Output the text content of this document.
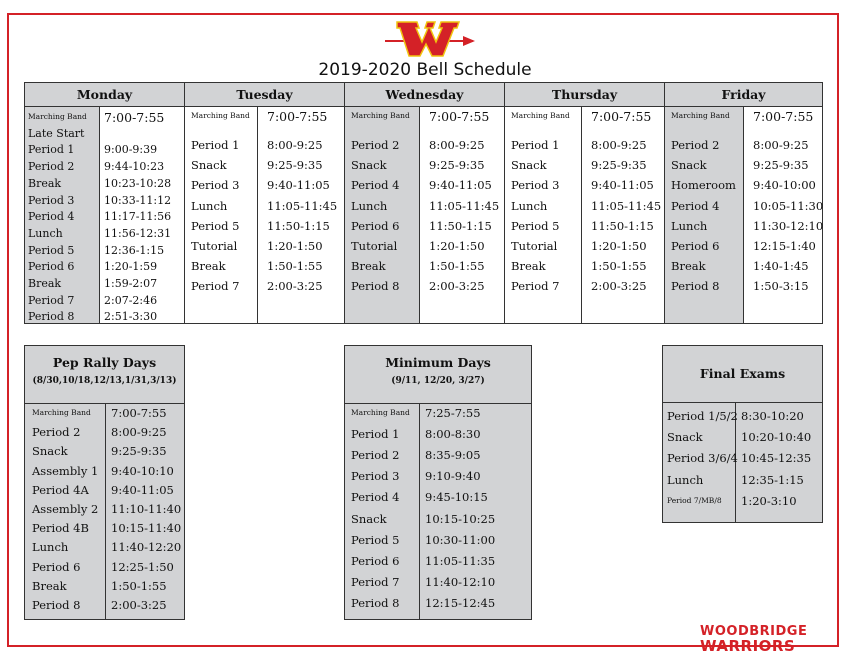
2019-2020 Bell Schedule
Monday
Marching Band 7:00-7:55
Late Start
Period 1	9:00-9:39
Period 2	9:44-10:23
Break	10:23-10:28
Period 3	10:33-11:12
Period 4	11:17-11:56
Lunch	11:56-12:31
Period 5	12:36-1:15
Period 6	1:20-1:59
Break	1:59-2:07
Period 7	2:07-2:46
Period 8	2:51-3:30
Tuesday
Marching Band 7:00-7:55
Period 1 8:00-9:25
Snack	9:25-9:35
Period 3 9:40-11:05
Lunch	11:05-11:45
Period 5 11:50-1:15
Tutorial	1:20-1:50
Break	1:50-1:55
Period 7 2:00-3:25
Wednesday
Marching Band 7:00-7:55
Period 2	8:00-9:25
Snack	9:25-9:35
Period 4	9:40-11:05
Lunch	11:05-11:45
Period 6	11:50-1:15
Tutorial	1:20-1:50
Break	1:50-1:55
Period 8	2:00-3:25
Thursday
Marching Band 7:00-7:55
Period 1	8:00-9:25
Snack	9:25-9:35
Period 3	9:40-11:05
Lunch	11:05-11:45
Period 5	11:50-1:15
Tutorial	1:20-1:50
Break	1:50-1:55
Period 7	2:00-3:25
Friday
Marching Band 7:00-7:55
Period 2	8:00-9:25
Snack	9:25-9:35
Homeroom 9:40-10:00
Period 4	10:05-11:30
Lunch	11:30-12:10
Period 6	12:15-1:40
Break	1:40-1:45
Period 8	1:50-3:15
Pep Rally Days
(8/30,10/18,12/13,1/31,3/13)
Marching Band 7:00-7:55
Period 2	8:00-9:25
Snack	9:25-9:35
Assembly 1 9:40-10:10
Period 4A 9:40-11:05
Assembly 2 11:10-11:40
Period 4B 10:15-11:40
Lunch	11:40-12:20
Period 6	12:25-1:50
Break	1:50-1:55
Period 8	2:00-3:25
Minimum Days
(9/11, 12/20, 3/27)
Marching Band 7:25-7:55
Period 1 8:00-8:30
Period 2 8:35-9:05
Period 3 9:10-9:40
Period 4 9:45-10:15
Snack	10:15-10:25
Period 5 10:30-11:00
Period 6 11:05-11:35
Period 7 11:40-12:10
Period 8 12:15-12:45
Final Exams
Period 1/5/2 8:30-10:20
Snack	10:20-10:40
Period 3/6/4 10:45-12:35
Lunch	12:35-1:15
Period 7/MB/8 1:20-3:10
WOODBRIDGE
WARRIORS
